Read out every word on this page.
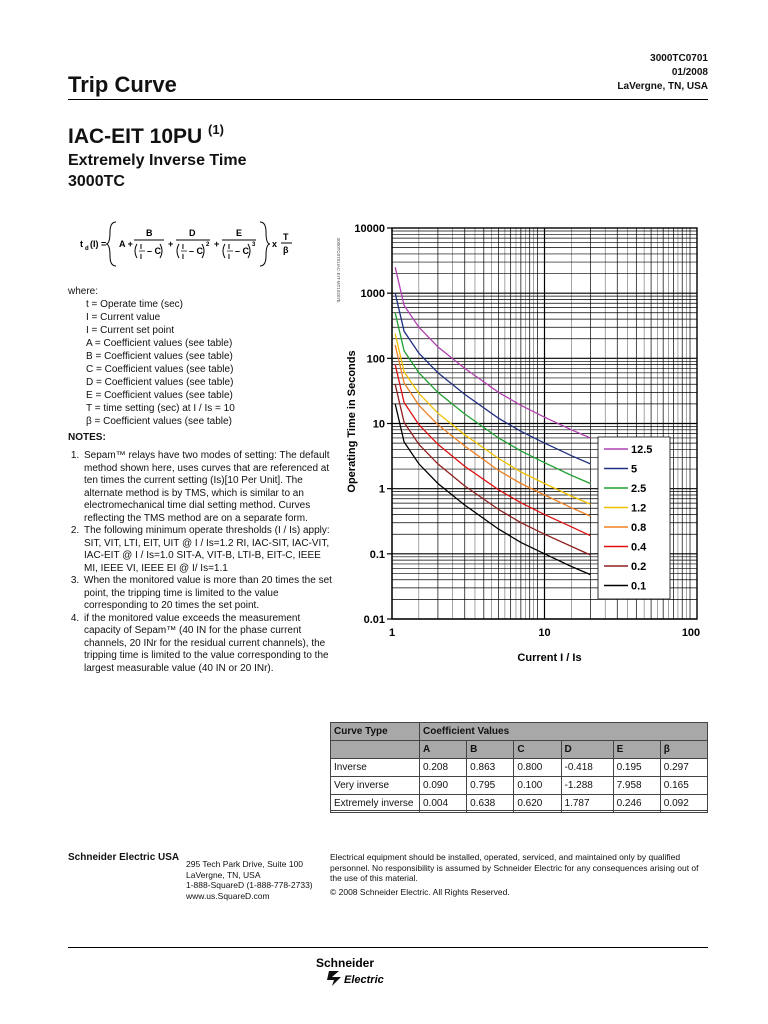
Trip Curve
3000TC0701
01/2008
LaVergne, TN, USA
IAC-EIT 10PU $^{(1)}$
Extremely Inverse Time
3000TC
t d (I) = A +
B
I
I
– C
+
D
I
I
– C
2 +
E
I
I
– C
3 x
T
β
where:
t = Operate time (sec)
I = Current value
I = Current set point
A = Coefficient values (see table)
B = Coefficient values (see table)
C = Coefficient values (see table)
D = Coefficient values (see table)
E = Coefficient values (see table)
T = time setting (sec) at I / Is = 10
β = Coefficient values (see table)
NOTES:
1. Sepam™ relays have two modes of setting: The default method shown here, uses curves that are referenced at ten times the current setting (Is)[10 Per Unit]. The alternate method is by TMS, which is similar to an electromechanical time dial setting method. Curves reflecting the TMS method are on a separate form.
2. The following minimum operate thresholds (I / Is) apply: SIT, VIT, LTI, EIT, UIT @ I / Is=1.2 RI, IAC-SIT, IAC-VIT, IAC-EIT @ I / Is=1.0 SIT-A, VIT-B, LTI-B, EIT-C, IEEE MI, IEEE VI, IEEE EI @ I/ Is=1.1
3. When the monitored value is more than 20 times the set point, the tripping time is limited to the value corresponding to 20 times the set point.
4. if the monitored value exceeds the measurement capacity of Sepam™ (40 IN for the phase current channels, 20 INr for the residual current channels), the tripping time is limited to the value corresponding to the largest measurable value (40 IN or 20 INr).
0.01
0.1
1
10
100
1000
10000
1	10	100
Current I / Is
Operating Time in Seconds
3000TC0701IAC-EIT-MT10207b
12.5
5
2.5
1.2
0.8
0.4
0.2
0.1
Curve Type	Coefficient Values					
	A	B	C	D	E	β
Inverse	0.208	0.863	0.800	-0.418	0.195	0.297
Very inverse	0.090	0.795	0.100	-1.288	7.958	0.165
Extremely inverse	0.004	0.638	0.620	1.787	0.246	0.092
Schneider Electric USA
295 Tech Park Drive, Suite 100
LaVergne, TN, USA
1-888-SquareD (1-888-778-2733)
www.us.SquareD.com
Electrical equipment should be installed, operated, serviced, and maintained only by qualified personnel. No responsibility is assumed by Schneider Electric for any consequences arising out of the use of this material.
© 2008 Schneider Electric. All Rights Reserved.
Schneider
Electric
